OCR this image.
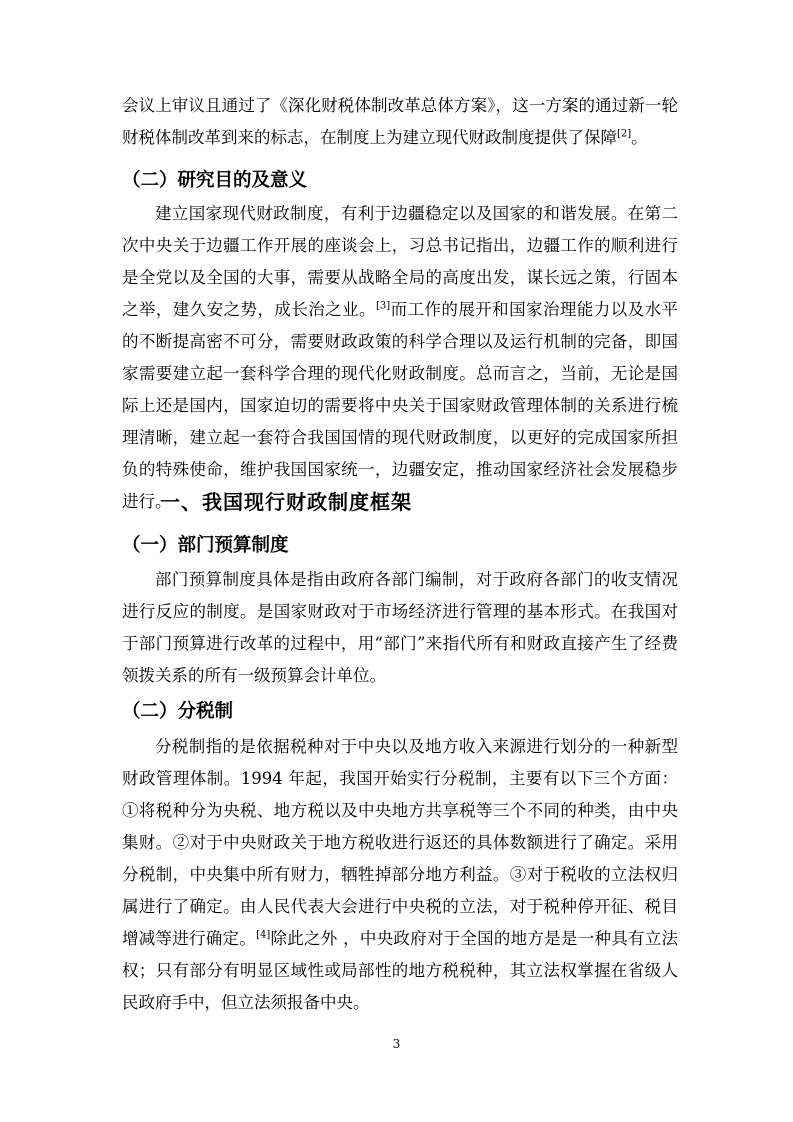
会议上审议且通过了《深化财税体制改革总体方案》，这一方案的通过新一轮财税体制改革到来的标志，在制度上为建立现代财政制度提供了保障[2]。

（二）研究目的及意义

建立国家现代财政制度，有利于边疆稳定以及国家的和谐发展。在第二次中央关于边疆工作开展的座谈会上，习总书记指出，边疆工作的顺利进行是全党以及全国的大事，需要从战略全局的高度出发，谋长远之策，行固本之举，建久安之势，成长治之业。[3]而工作的展开和国家治理能力以及水平的不断提高密不可分，需要财政政策的科学合理以及运行机制的完备，即国家需要建立起一套科学合理的现代化财政制度。总而言之，当前，无论是国际上还是国内，国家迫切的需要将中央关于国家财政管理体制的关系进行梳理清晰，建立起一套符合我国国情的现代财政制度，以更好的完成国家所担负的特殊使命，维护我国国家统一，边疆安定，推动国家经济社会发展稳步进行。

一、我国现行财政制度框架
（一）部门预算制度

部门预算制度具体是指由政府各部门编制，对于政府各部门的收支情况进行反应的制度。是国家财政对于市场经济进行管理的基本形式。在我国对于部门预算进行改革的过程中，用“部门”来指代所有和财政直接产生了经费领拨关系的所有一级预算会计单位。

（二）分税制

分税制指的是依据税种对于中央以及地方收入来源进行划分的一种新型财政管理体制。1994 年起，我国开始实行分税制，主要有以下三个方面：①将税种分为央税、地方税以及中央地方共享税等三个不同的种类，由中央集财。②对于中央财政关于地方税收进行返还的具体数额进行了确定。采用分税制，中央集中所有财力，牺牲掉部分地方利益。③对于税收的立法权归属进行了确定。由人民代表大会进行中央税的立法，对于税种停开征、税目增减等进行确定。[4]除此之外 ，中央政府对于全国的地方是是一种具有立法权；只有部分有明显区域性或局部性的地方税税种，其立法权掌握在省级人民政府手中，但立法须报备中央。

3
